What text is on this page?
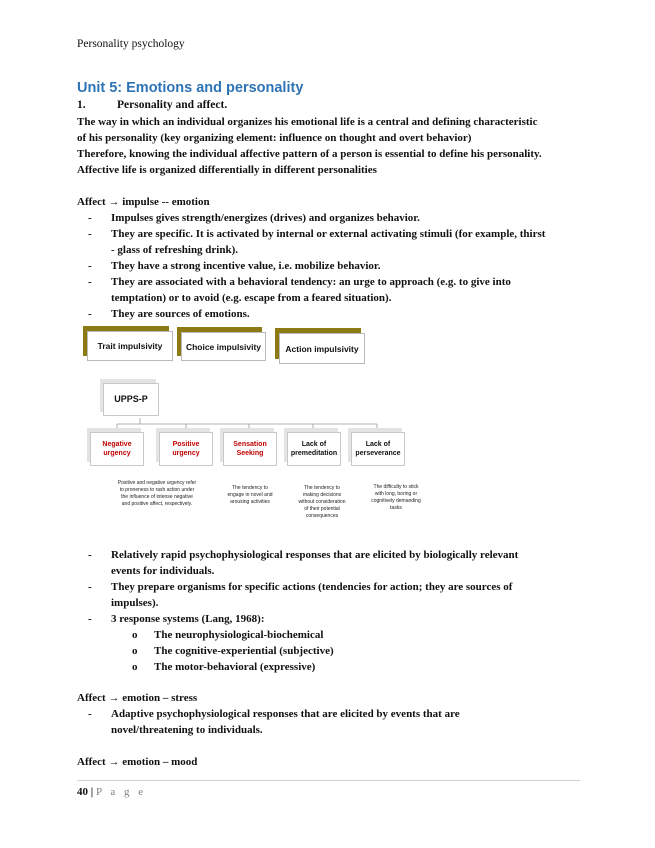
Personality psychology
Unit 5: Emotions and personality
1.	Personality and affect.
The way in which an individual organizes his emotional life is a central and defining characteristic
of his personality (key organizing element: influence on thought and overt behavior)
Therefore, knowing the individual affective pattern of a person is essential to define his personality.
Affective life is organized differentially in different personalities
Affect → impulse -- emotion
- Impulses gives strength/energizes (drives) and organizes behavior.
- They are specific. It is activated by internal or external activating stimuli (for example, thirst
- glass of refreshing drink).
- They have a strong incentive value, i.e. mobilize behavior.
- They are associated with a behavioral tendency: an urge to approach (e.g. to give into
temptation) or to avoid (e.g. escape from a feared situation).
- They are sources of emotions.
Trait impulsivity	Choice impulsivity	Action impulsivity
UPPS-P
Negative
urgency
Positive
urgency
Sensation
Seeking
Lack of
premeditation
Lack of
perseverance
Positive and negative urgency refer
to proneness to rash action under
the influence of intense negative
and positive affect, respectively.
The tendency to
engage in novel and
arousing activities
The tendency to
making decisions
without consideration
of their potential
consequences
The difficulty to stick
with long, boring or
cognitively demanding
tasks
- Relatively rapid psychophysiological responses that are elicited by biologically relevant
events for individuals.
- They prepare organisms for specific actions (tendencies for action; they are sources of
impulses).
- 3 response systems (Lang, 1968):
o The neurophysiological-biochemical
o The cognitive-experiential (subjective)
o The motor-behavioral (expressive)
Affect → emotion – stress
- Adaptive psychophysiological responses that are elicited by events that are
novel/threatening to individuals.
Affect → emotion – mood
40 | P a g e
